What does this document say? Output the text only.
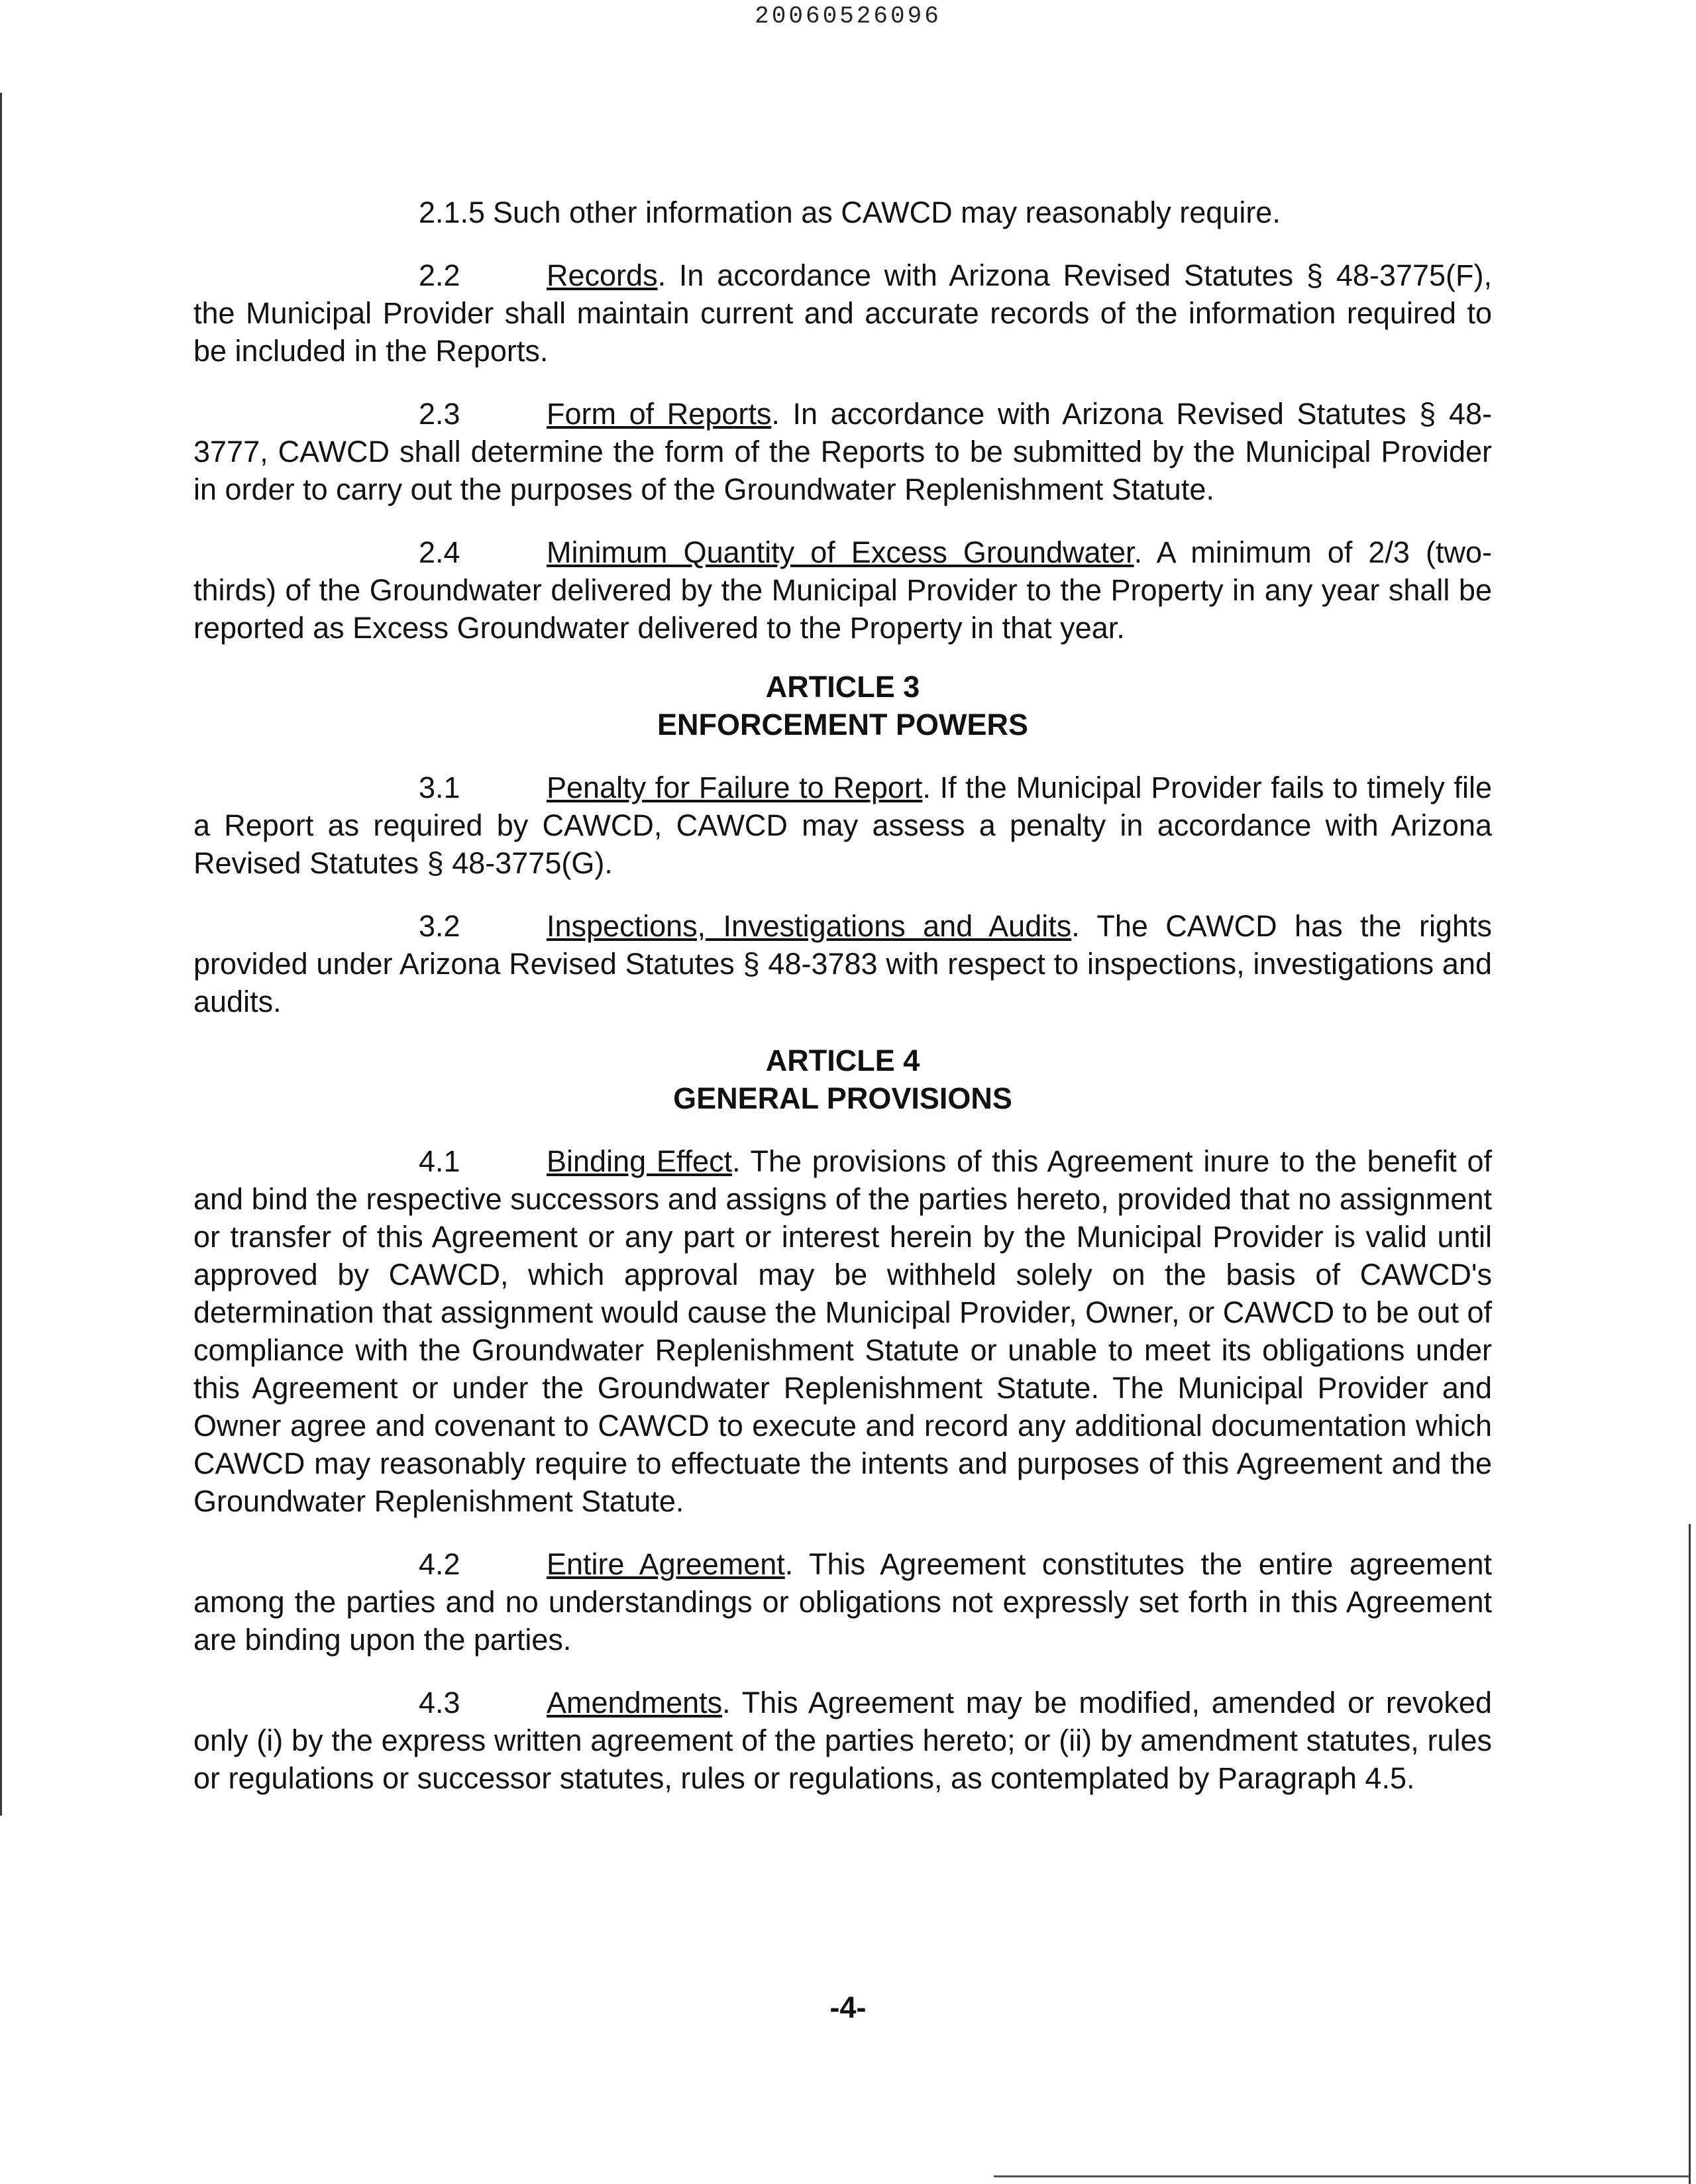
20060526096

2.1.5 Such other information as CAWCD may reasonably require.

2.2	Records. In accordance with Arizona Revised Statutes § 48-3775(F), the Municipal Provider shall maintain current and accurate records of the information required to be included in the Reports.

2.3	Form of Reports. In accordance with Arizona Revised Statutes § 48-3777, CAWCD shall determine the form of the Reports to be submitted by the Municipal Provider in order to carry out the purposes of the Groundwater Replenishment Statute.

2.4	Minimum Quantity of Excess Groundwater. A minimum of 2/3 (two-thirds) of the Groundwater delivered by the Municipal Provider to the Property in any year shall be reported as Excess Groundwater delivered to the Property in that year.

ARTICLE 3
ENFORCEMENT POWERS

3.1	Penalty for Failure to Report. If the Municipal Provider fails to timely file a Report as required by CAWCD, CAWCD may assess a penalty in accordance with Arizona Revised Statutes § 48-3775(G).

3.2	Inspections, Investigations and Audits. The CAWCD has the rights provided under Arizona Revised Statutes § 48-3783 with respect to inspections, investigations and audits.

ARTICLE 4
GENERAL PROVISIONS

4.1	Binding Effect. The provisions of this Agreement inure to the benefit of and bind the respective successors and assigns of the parties hereto, provided that no assignment or transfer of this Agreement or any part or interest herein by the Municipal Provider is valid until approved by CAWCD, which approval may be withheld solely on the basis of CAWCD's determination that assignment would cause the Municipal Provider, Owner, or CAWCD to be out of compliance with the Groundwater Replenishment Statute or unable to meet its obligations under this Agreement or under the Groundwater Replenishment Statute. The Municipal Provider and Owner agree and covenant to CAWCD to execute and record any additional documentation which CAWCD may reasonably require to effectuate the intents and purposes of this Agreement and the Groundwater Replenishment Statute.

4.2	Entire Agreement. This Agreement constitutes the entire agreement among the parties and no understandings or obligations not expressly set forth in this Agreement are binding upon the parties.

4.3	Amendments. This Agreement may be modified, amended or revoked only (i) by the express written agreement of the parties hereto; or (ii) by amendment statutes, rules or regulations or successor statutes, rules or regulations, as contemplated by Paragraph 4.5.

-4-
